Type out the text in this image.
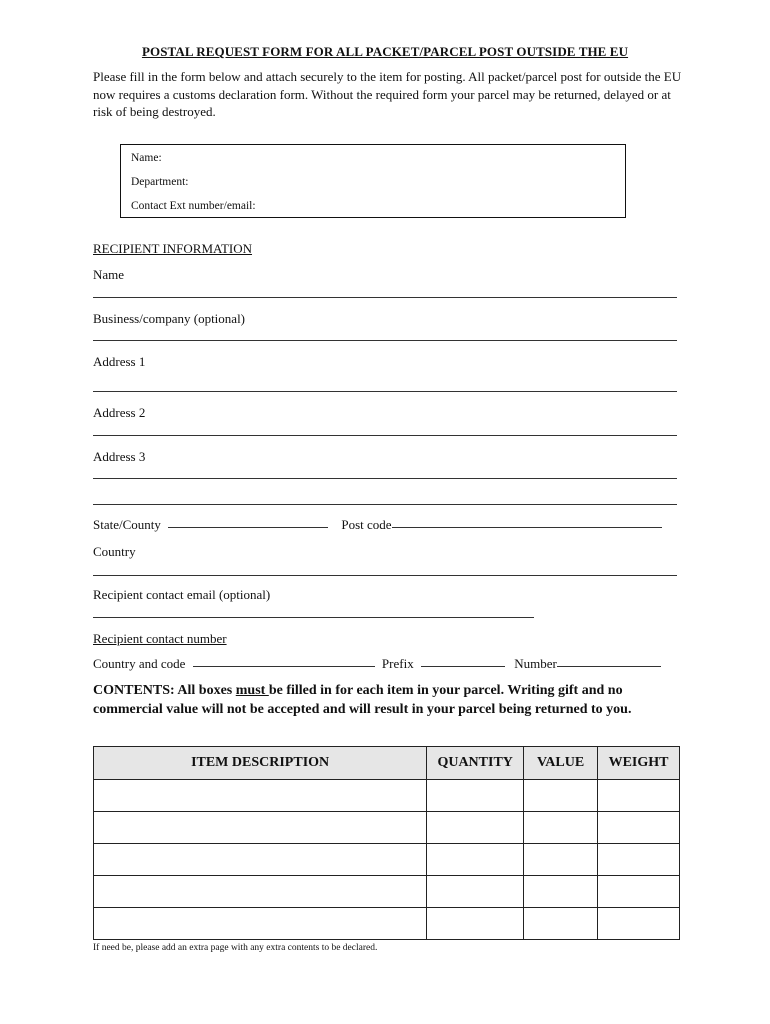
POSTAL REQUEST FORM FOR ALL PACKET/PARCEL POST OUTSIDE THE EU
Please fill in the form below and attach securely to the item for posting. All packet/parcel post for outside the EU now requires a customs declaration form. Without the required form your parcel may be returned, delayed or at risk of being destroyed.
Name:
Department:
Contact Ext number/email:
RECIPIENT INFORMATION
Name
Business/company (optional)
Address 1
Address 2
Address 3
State/County	Post code
Country
Recipient contact email (optional)
Recipient contact number
Country and code	Prefix	Number
CONTENTS: All boxes must be filled in for each item in your parcel. Writing gift and no commercial value will not be accepted and will result in your parcel being returned to you.
ITEM DESCRIPTION	QUANTITY	VALUE	WEIGHT

If need be, please add an extra page with any extra contents to be declared.
